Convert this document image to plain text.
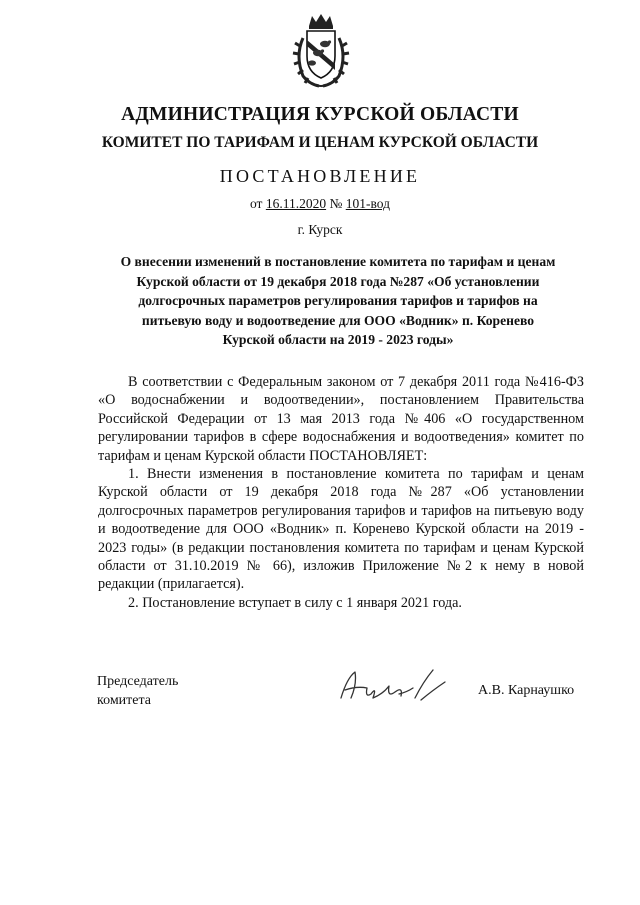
АДМИНИСТРАЦИЯ КУРСКОЙ ОБЛАСТИ
КОМИТЕТ ПО ТАРИФАМ И ЦЕНАМ КУРСКОЙ ОБЛАСТИ
ПОСТАНОВЛЕНИЕ
от 16.11.2020 № 101-вод
г. Курск
О внесении изменений в постановление комитета по тарифам и ценам
Курской области от 19 декабря 2018 года №287 «Об установлении
долгосрочных параметров регулирования тарифов и тарифов на
питьевую воду и водоотведение для ООО «Водник» п. Коренево
Курской области на 2019 - 2023 годы»

В соответствии с Федеральным законом от 7 декабря 2011 года №416-ФЗ «О водоснабжении и водоотведении», постановлением Правительства Российской Федерации от 13 мая 2013 года №406 «О государственном регулировании тарифов в сфере водоснабжения и водоотведения» комитет по тарифам и ценам Курской области ПОСТАНОВЛЯЕТ:

1. Внести изменения в постановление комитета по тарифам и ценам Курской области от 19 декабря 2018 года №287 «Об установлении долгосрочных параметров регулирования тарифов и тарифов на питьевую воду и водоотведение для ООО «Водник» п. Коренево Курской области на 2019 - 2023 годы» (в редакции постановления комитета по тарифам и ценам Курской области от 31.10.2019 № 66), изложив Приложение №2 к нему в новой редакции (прилагается).

2. Постановление вступает в силу с 1 января 2021 года.

Председатель
комитета
А.В. Карнаушко
